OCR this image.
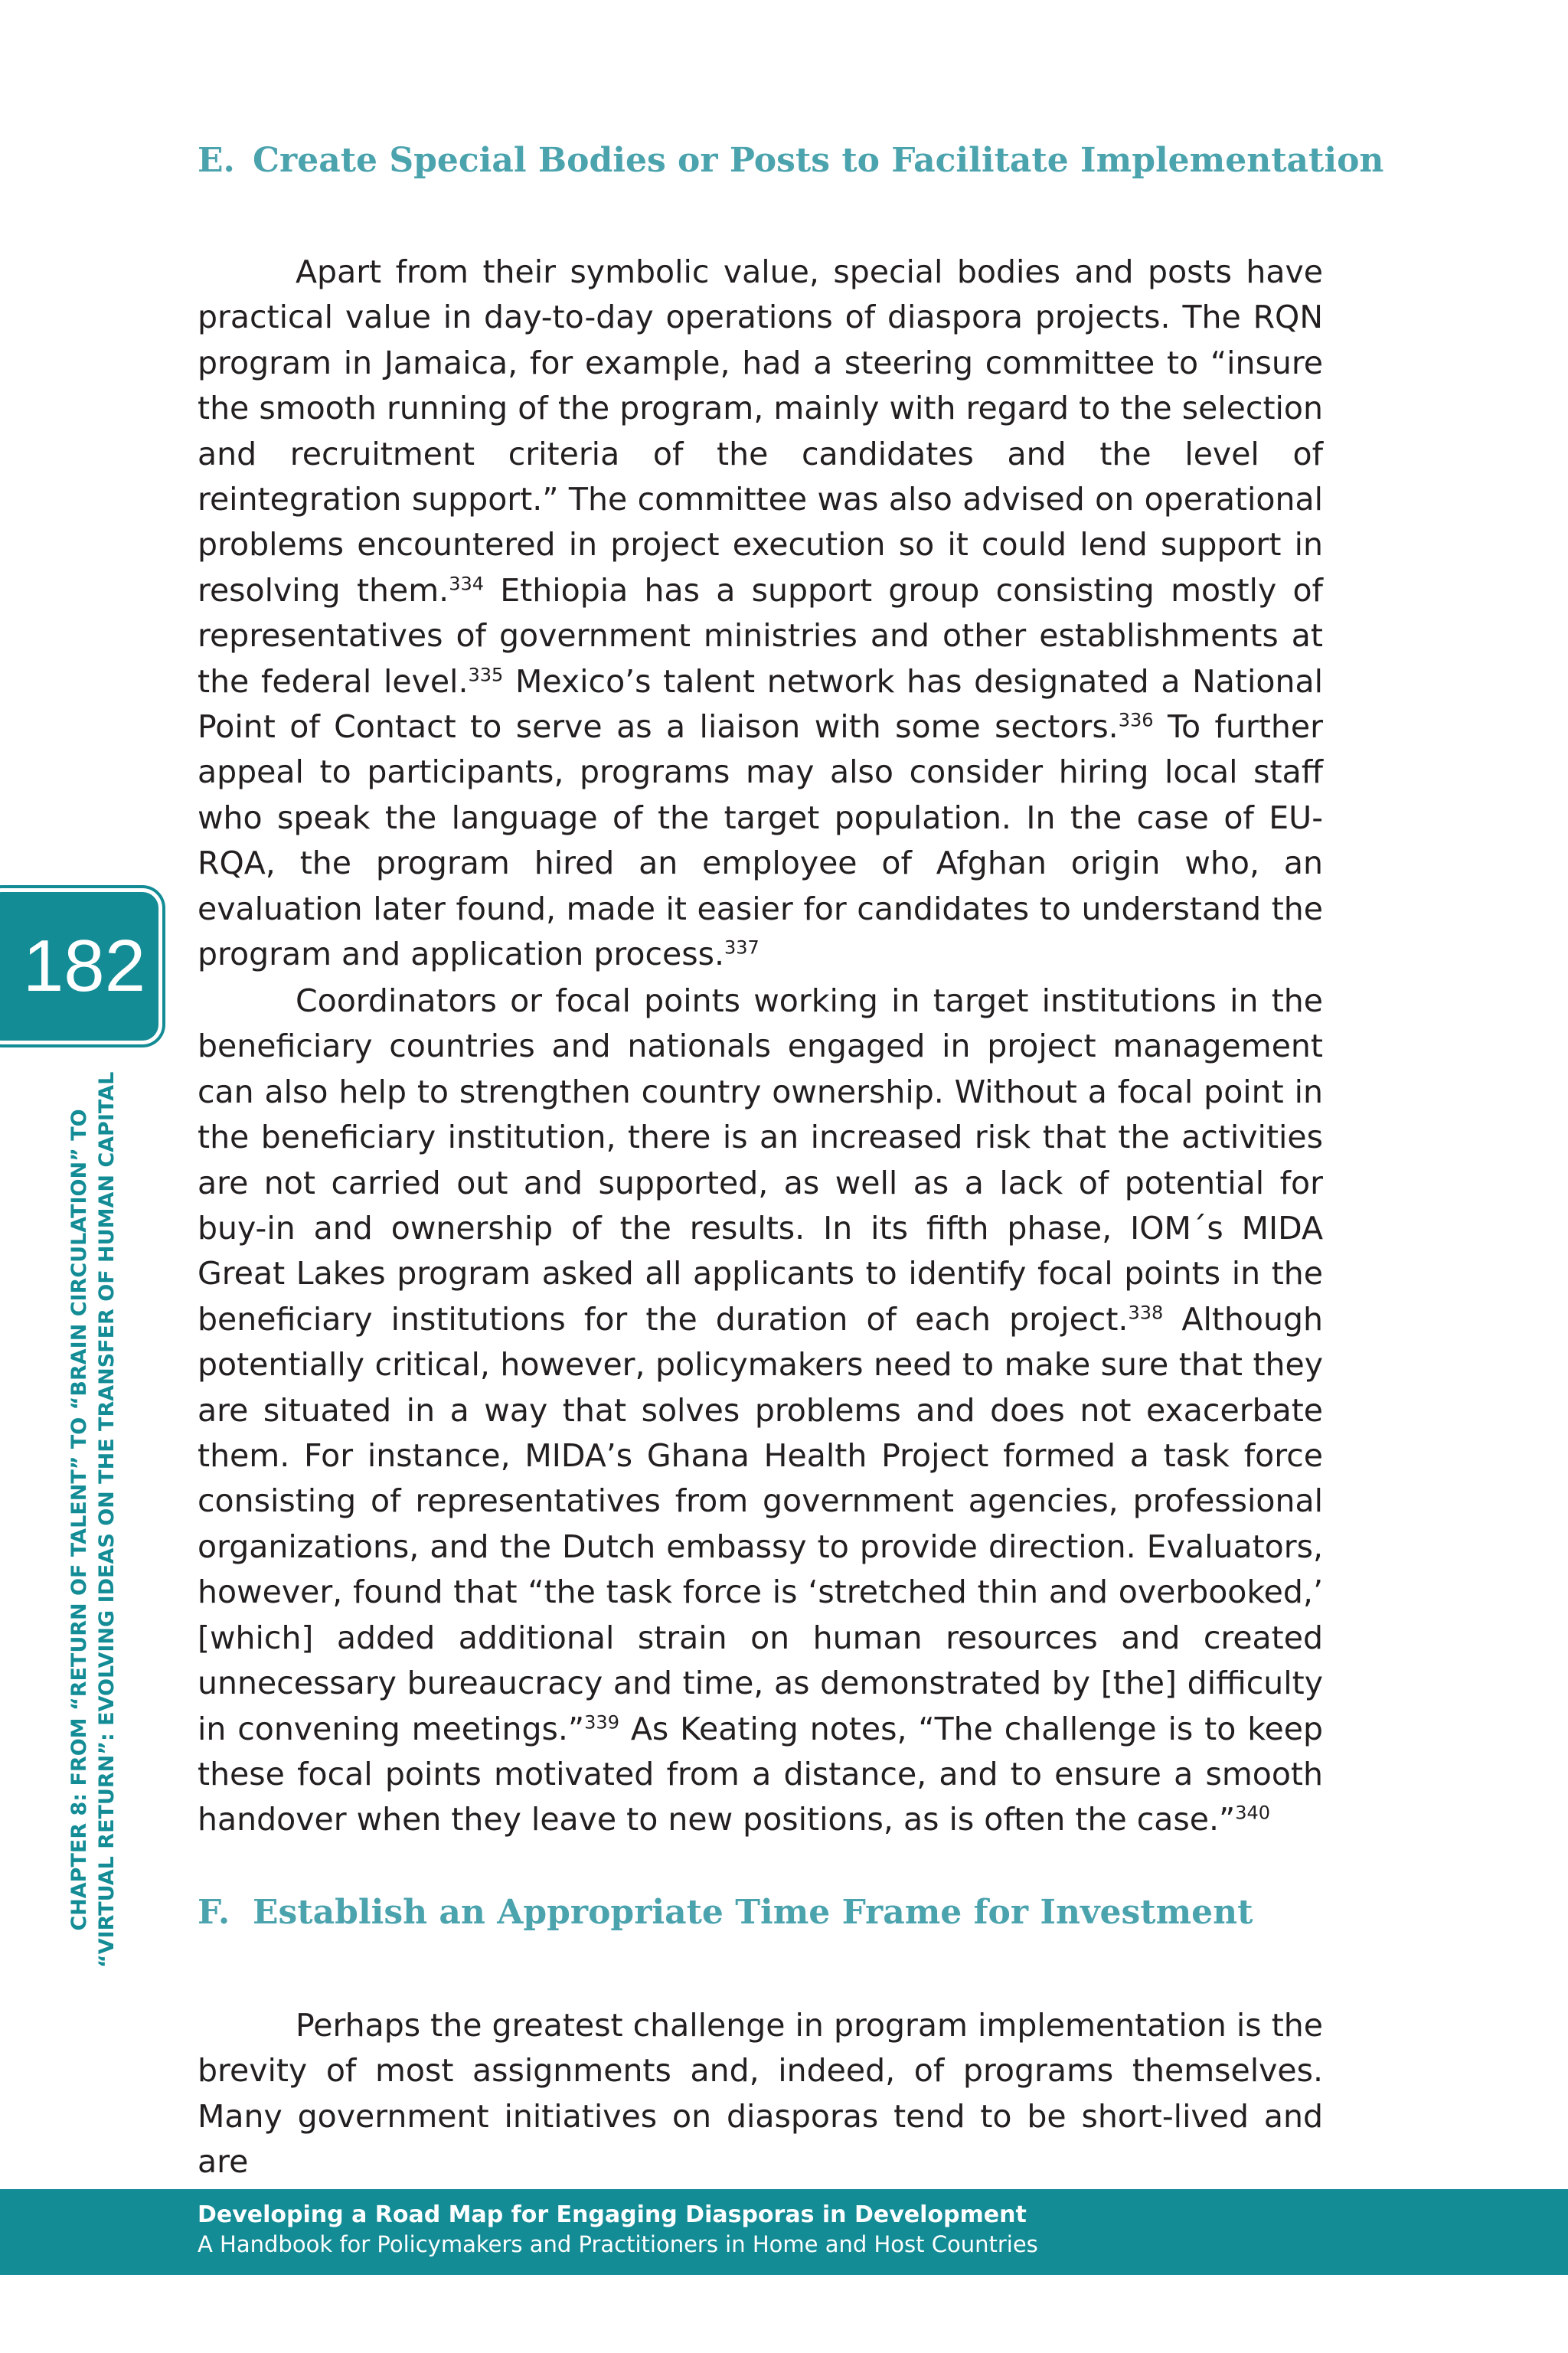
E. Create Special Bodies or Posts to Facilitate Implementation

Apart from their symbolic value, special bodies and posts have practical value in day-to-day operations of diaspora projects. The RQN program in Jamaica, for example, had a steering committee to “insure the smooth running of the program, mainly with regard to the selection and recruitment criteria of the candidates and the level of reintegration support.” The committee was also advised on operational problems encountered in project execution so it could lend support in resolving them.$^{334}$ Ethiopia has a support group consisting mostly of representatives of government ministries and other establishments at the federal level.$^{335}$ Mexico’s talent network has designated a National Point of Contact to serve as a liaison with some sectors.$^{336}$ To further appeal to participants, programs may also consider hiring local staff who speak the language of the target population. In the case of EU-RQA, the program hired an employee of Afghan origin who, an evaluation later found, made it easier for candidates to understand the program and application process.$^{337}$

Coordinators or focal points working in target institutions in the beneficiary countries and nationals engaged in project management can also help to strengthen country ownership. Without a focal point in the beneficiary institution, there is an increased risk that the activities are not carried out and supported, as well as a lack of potential for buy-in and ownership of the results. In its fifth phase, IOM´s MIDA Great Lakes program asked all applicants to identify focal points in the beneficiary institutions for the duration of each project.$^{338}$ Although potentially critical, however, policymakers need to make sure that they are situated in a way that solves problems and does not exacerbate them. For instance, MIDA’s Ghana Health Project formed a task force consisting of representatives from government agencies, professional organizations, and the Dutch embassy to provide direction. Evaluators, however, found that “the task force is ‘stretched thin and overbooked,’ [which] added additional strain on human resources and created unnecessary bureaucracy and time, as demonstrated by [the] difficulty in convening meetings.”$^{339}$ As Keating notes, “The challenge is to keep these focal points motivated from a distance, and to ensure a smooth handover when they leave to new positions, as is often the case.”$^{340}$

F. Establish an Appropriate Time Frame for Investment

Perhaps the greatest challenge in program implementation is the brevity of most assignments and, indeed, of programs themselves. Many government initiatives on diasporas tend to be short-lived and are

182
CHAPTER 8: FROM “RETURN OF TALENT” TO “BRAIN CIRCULATION” TO “VIRTUAL RETURN”: EVOLVING IDEAS ON THE TRANSFER OF HUMAN CAPITAL
Developing a Road Map for Engaging Diasporas in Development
A Handbook for Policymakers and Practitioners in Home and Host Countries
